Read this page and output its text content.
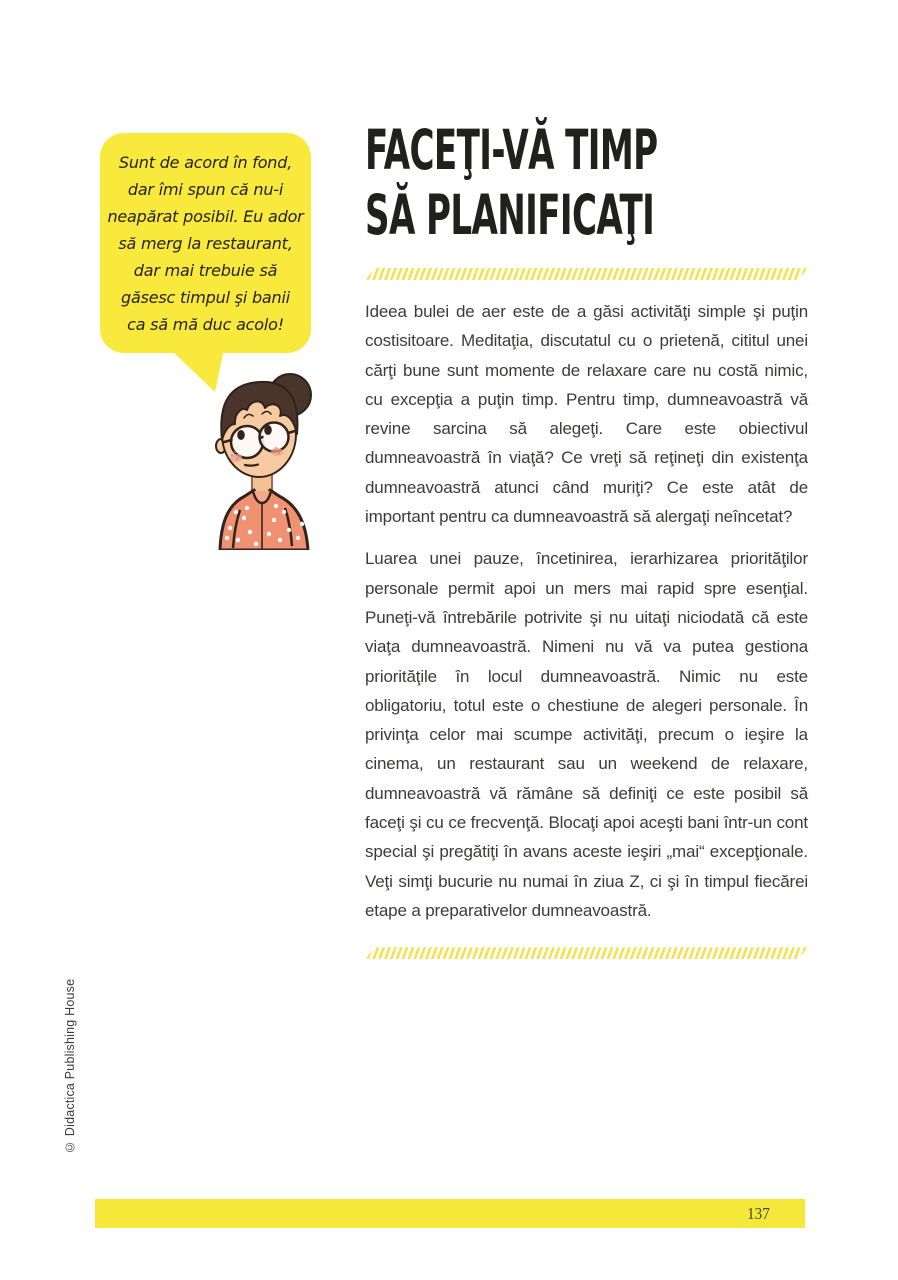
Sunt de acord în fond,
dar îmi spun că nu-i
neapărat posibil. Eu ador
să merg la restaurant,
dar mai trebuie să
găsesc timpul şi banii
ca să mă duc acolo!
FACEŢI-VĂ TIMP
SĂ PLANIFICAŢI

Ideea bulei de aer este de a găsi activităţi simple şi puţin costisitoare. Meditaţia, discutatul cu o prietenă, cititul unei cărţi bune sunt momente de relaxare care nu costă nimic, cu excepţia a puţin timp. Pentru timp, dumneavoastră vă revine sarcina să alegeţi. Care este obiectivul dumneavoastră în viaţă? Ce vreţi să reţineţi din existenţa dumneavoastră atunci când muriţi? Ce este atât de important pentru ca dumneavoastră să alergaţi neîncetat?

Luarea unei pauze, încetinirea, ierarhizarea priorităţilor personale permit apoi un mers mai rapid spre esenţial. Puneţi-vă întrebările potrivite şi nu uitaţi niciodată că este viaţa dumneavoastră. Nimeni nu vă va putea gestiona priorităţile în locul dumneavoastră. Nimic nu este obligatoriu, totul este o chestiune de alegeri personale. În privinţa celor mai scumpe activităţi, precum o ieşire la cinema, un restaurant sau un weekend de relaxare, dumneavoastră vă rămâne să definiţi ce este posibil să faceţi şi cu ce frecvenţă. Blocaţi apoi aceşti bani într-un cont special şi pregătiţi în avans aceste ieşiri „mai“ excepţionale. Veţi simţi bucurie nu numai în ziua Z, ci şi în timpul fiecărei etape a preparativelor dumneavoastră.

© Didactica Publishing House
137
